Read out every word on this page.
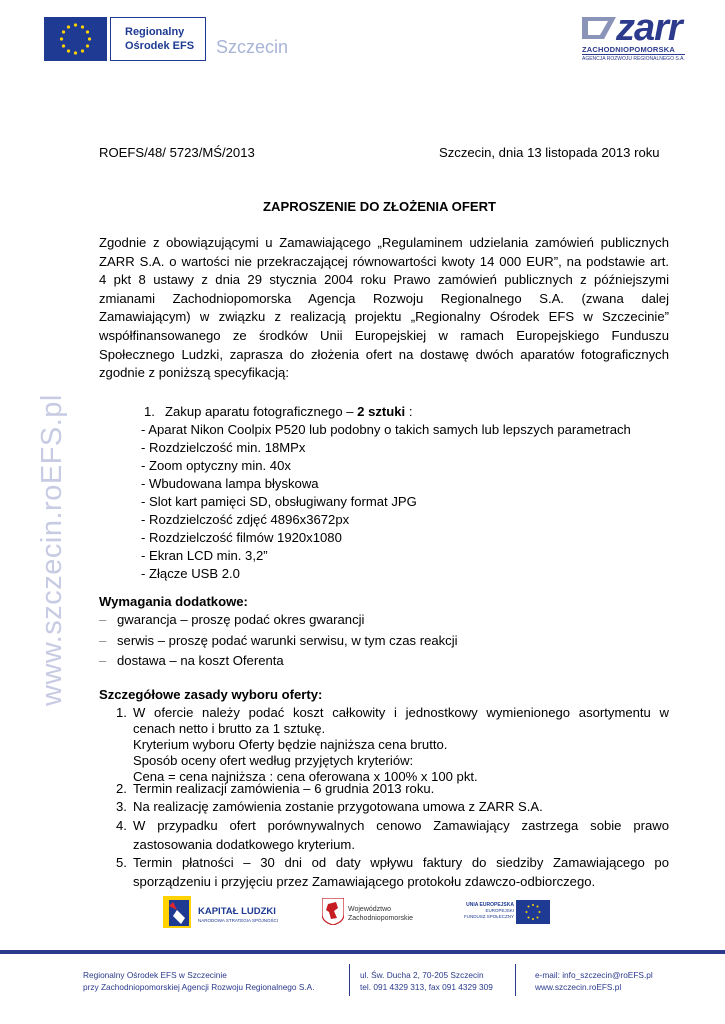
Regionalny
Ośrodek EFS	Szczecin	zarr
ZACHODNIOPOMORSKA
AGENCJA ROZWOJU REGIONALNEGO S.A.
www.szczecin.roEFS.pl
ROEFS/48/ 5723/MŚ/2013	Szczecin, dnia 13 listopada 2013 roku
ZAPROSZENIE DO ZŁOŻENIA OFERT
Zgodnie z obowiązującymi u Zamawiającego „Regulaminem udzielania zamówień publicznych
ZARR S.A. o wartości nie przekraczającej równowartości kwoty 14 000 EUR”, na podstawie art.
4 pkt 8 ustawy z dnia 29 stycznia 2004 roku Prawo zamówień publicznych z późniejszymi
zmianami Zachodniopomorska Agencja Rozwoju Regionalnego S.A. (zwana dalej
Zamawiającym) w związku z realizacją projektu „Regionalny Ośrodek EFS w Szczecinie”
współfinansowanego ze środków Unii Europejskiej w ramach Europejskiego Funduszu
Społecznego Ludzki, zaprasza do złożenia ofert na dostawę dwóch aparatów fotograficznych
zgodnie z poniższą specyfikacją:
1. Zakup aparatu fotograficznego – 2 sztuki :
- Aparat Nikon Coolpix P520 lub podobny o takich samych lub lepszych parametrach
- Rozdzielczość min. 18MPx
- Zoom optyczny min. 40x
- Wbudowana lampa błyskowa
- Slot kart pamięci SD, obsługiwany format JPG
- Rozdzielczość zdjęć 4896x3672px
- Rozdzielczość filmów 1920x1080
- Ekran LCD min. 3,2”
- Złącze USB 2.0
Wymagania dodatkowe:
– gwarancja – proszę podać okres gwarancji
– serwis – proszę podać warunki serwisu, w tym czas reakcji
– dostawa – na koszt Oferenta
Szczegółowe zasady wyboru oferty:
1. W ofercie należy podać koszt całkowity i jednostkowy wymienionego asortymentu w
cenach netto i brutto za 1 sztukę.
Kryterium wyboru Oferty będzie najniższa cena brutto.
Sposób oceny ofert według przyjętych kryteriów:
Cena = cena najniższa : cena oferowana x 100% x 100 pkt.
2. Termin realizacji zamówienia – 6 grudnia 2013 roku.
3. Na realizację zamówienia zostanie przygotowana umowa z ZARR S.A.
4. W przypadku ofert porównywalnych cenowo Zamawiający zastrzega sobie prawo
zastosowania dodatkowego kryterium.
5. Termin płatności – 30 dni od daty wpływu faktury do siedziby Zamawiającego po
sporządzeniu i przyjęciu przez Zamawiającego protokołu zdawczo-odbiorczego.
KAPITAŁ LUDZKI
NARODOWA STRATEGIA SPÓJNOŚCI
Województwo
Zachodniopomorskie
UNIA EUROPEJSKA
EUROPEJSKI
FUNDUSZ SPOŁECZNY
Regionalny Ośrodek EFS w Szczecinie
przy Zachodniopomorskiej Agencji Rozwoju Regionalnego S.A.
ul. Św. Ducha 2, 70-205 Szczecin
tel. 091 4329 313, fax 091 4329 309
e-mail: info_szczecin@roEFS.pl
www.szczecin.roEFS.pl
